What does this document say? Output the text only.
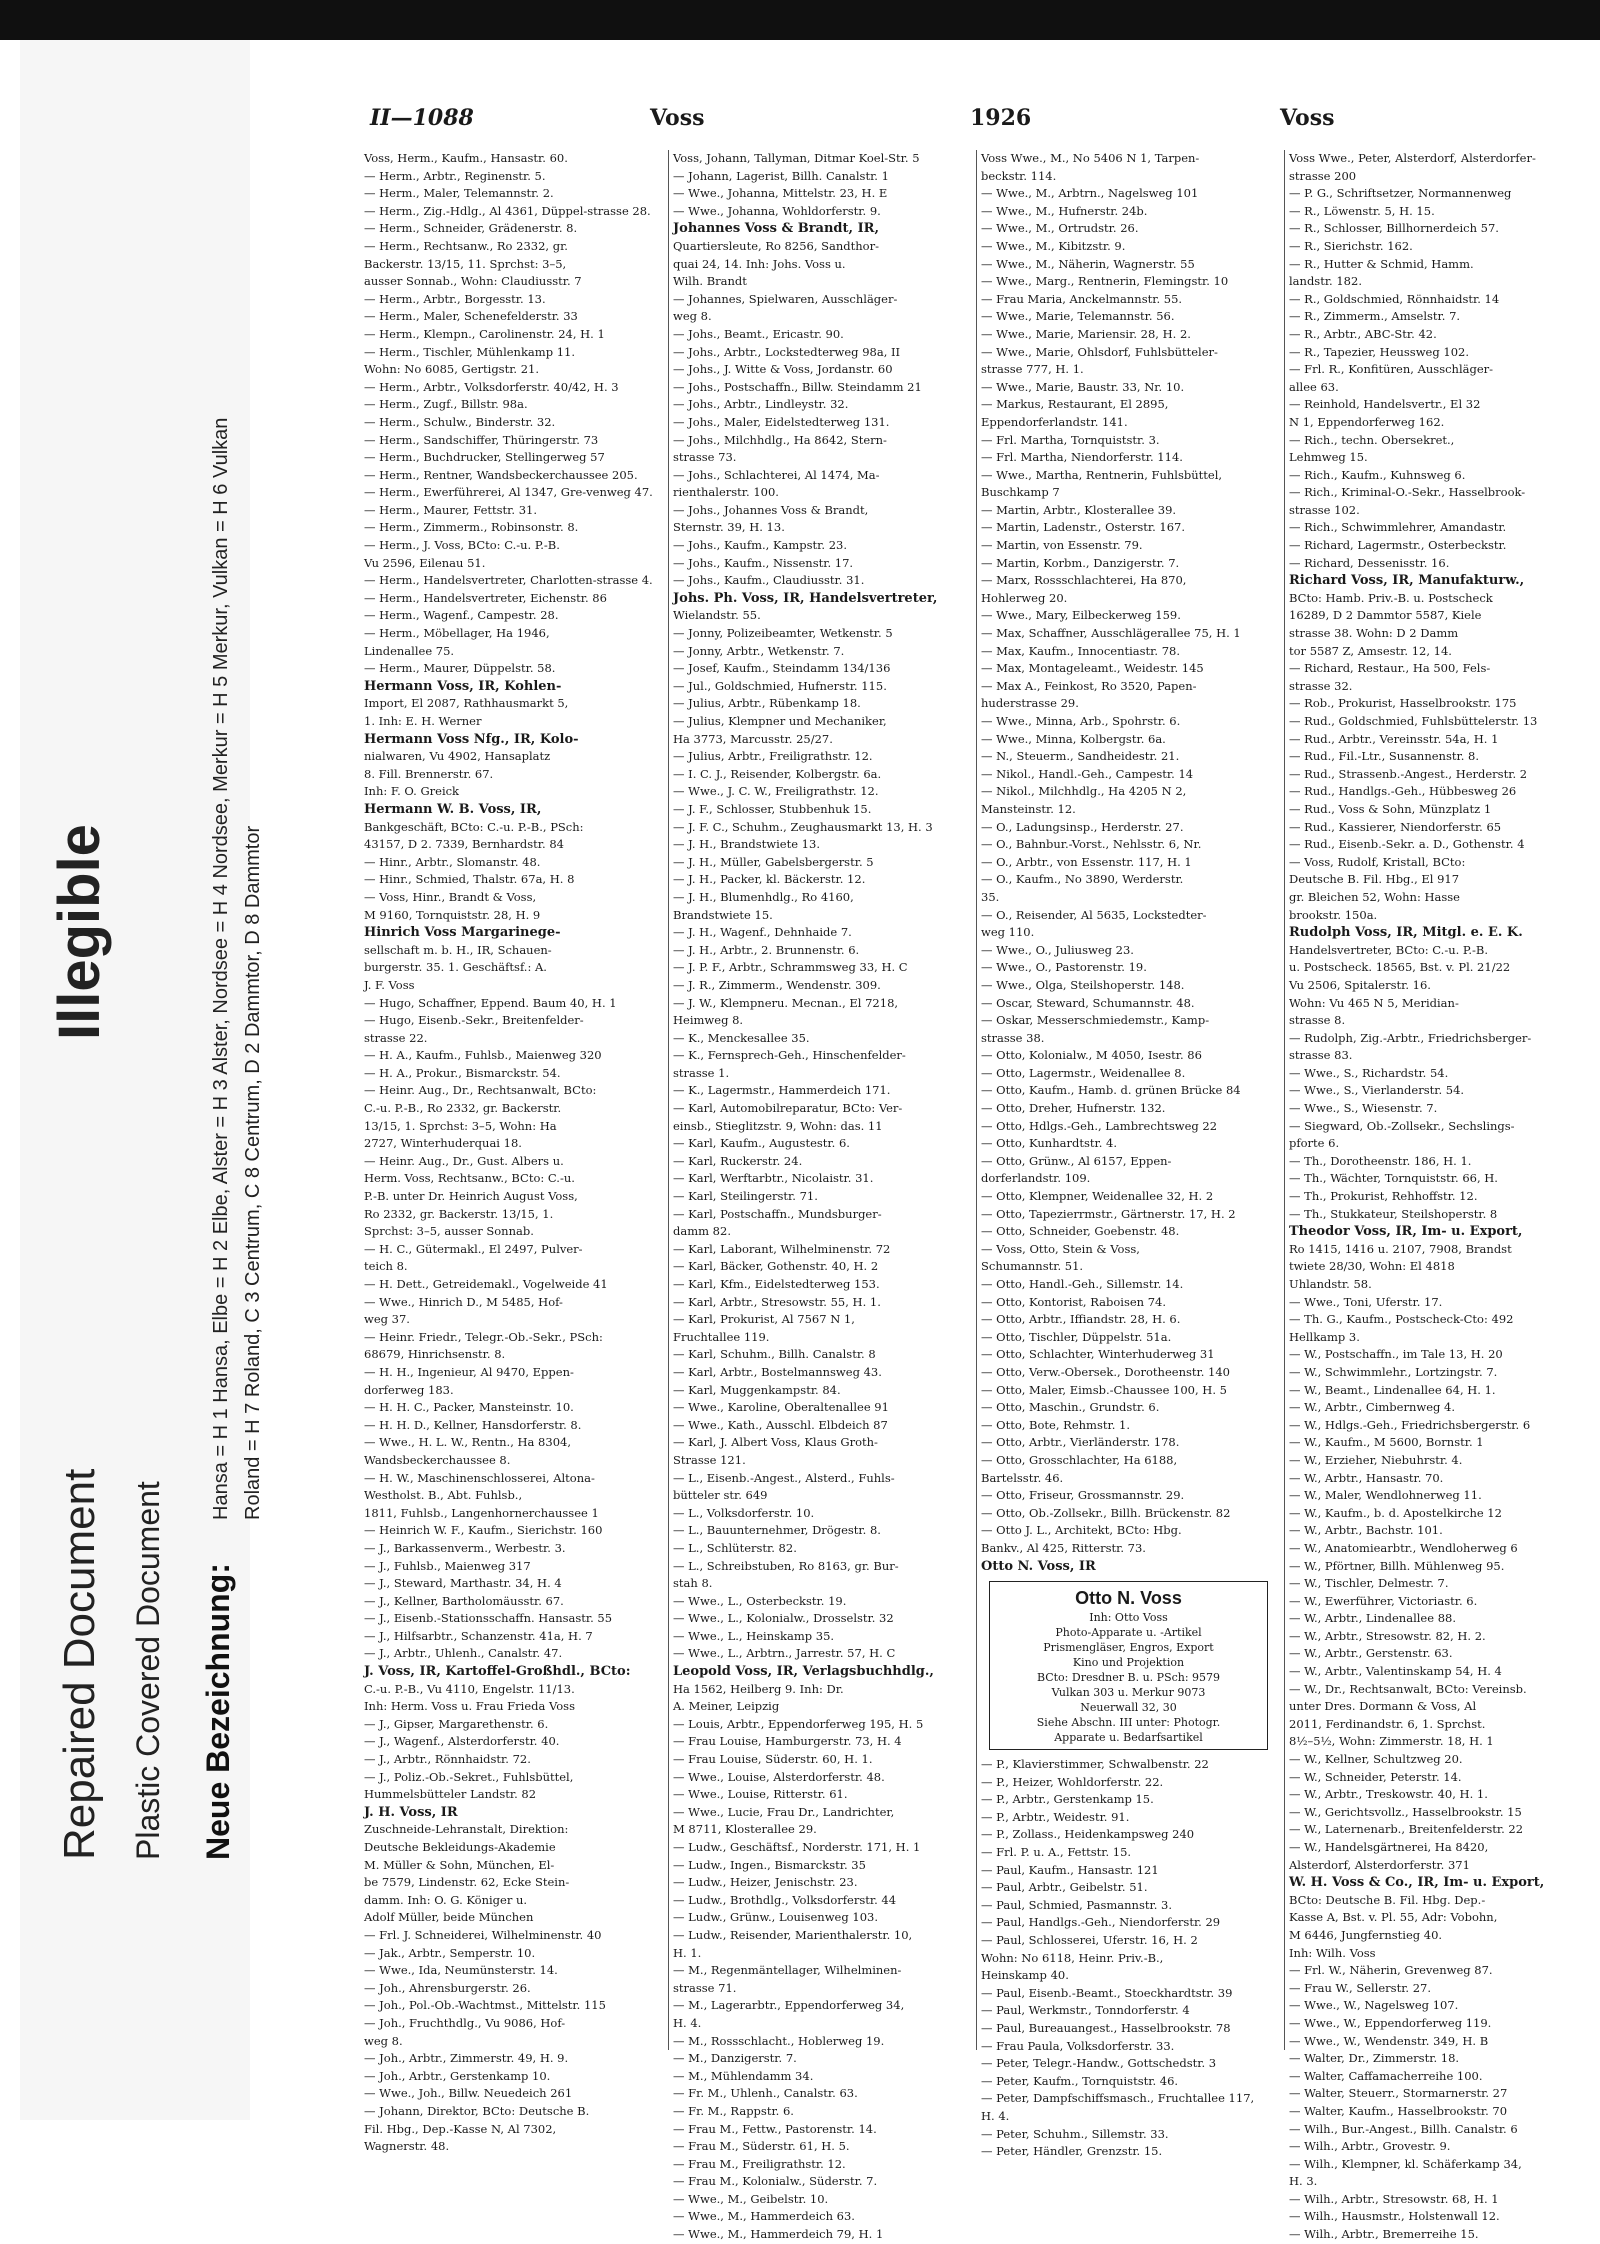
Repaired Document
Illegible
Plastic Covered Document Neue Bezeichnung:
Hansa = H 1 Hansa, Elbe = H 2 Elbe, Alster = H 3 Alster, Nordsee = H 4 Nordsee, Merkur = H 5 Merkur, Vulkan = H 6 Vulkan Roland = H 7 Roland, C 3 Centrum, C 8 Centrum, D 2 Dammtor, D 8 Dammtor
II—1088	Voss	1926	Voss
Voss, Herm., Kaufm., Hansastr. 60.
— Herm., Arbtr., Reginenstr. 5.
— Herm., Maler, Telemannstr. 2.
— Herm., Zig.-Hdlg., Al 4361, Düppel-strasse 28.
— Herm., Schneider, Grädenerstr. 8.
— Herm., Rechtsanw., Ro 2332, gr.
Backerstr. 13/15, 11. Sprchst: 3–5,
ausser Sonnab., Wohn: Claudiusstr. 7
— Herm., Arbtr., Borgesstr. 13.
— Herm., Maler, Schenefelderstr. 33
— Herm., Klempn., Carolinenstr. 24, H. 1
— Herm., Tischler, Mühlenkamp 11.
Wohn: No 6085, Gertigstr. 21.
— Herm., Arbtr., Volksdorferstr. 40/42, H. 3
— Herm., Zugf., Billstr. 98a.
— Herm., Schulw., Binderstr. 32.
— Herm., Sandschiffer, Thüringerstr. 73
— Herm., Buchdrucker, Stellingerweg 57
— Herm., Rentner, Wandsbeckerchaussee 205.
— Herm., Ewerführerei, Al 1347, Gre-venweg 47.
— Herm., Maurer, Fettstr. 31.
— Herm., Zimmerm., Robinsonstr. 8.
— Herm., J. Voss, BCto: C.-u. P.-B.
Vu 2596, Eilenau 51.
— Herm., Handelsvertreter, Charlotten-strasse 4.
— Herm., Handelsvertreter, Eichenstr. 86
— Herm., Wagenf., Campestr. 28.
— Herm., Möbellager, Ha 1946,
Lindenallee 75.
— Herm., Maurer, Düppelstr. 58.
Hermann Voss, IR, Kohlen-
Import, El 2087, Rathhausmarkt 5,
1. Inh: E. H. Werner
Hermann Voss Nfg., IR, Kolo-
nialwaren, Vu 4902, Hansaplatz
8. Fill. Brennerstr. 67.
Inh: F. O. Greick
Hermann W. B. Voss, IR,
Bankgeschäft, BCto: C.-u. P.-B., PSch:
43157, D 2. 7339, Bernhardstr. 84
— Hinr., Arbtr., Slomanstr. 48.
— Hinr., Schmied, Thalstr. 67a, H. 8
— Voss, Hinr., Brandt & Voss,
M 9160, Tornquiststr. 28, H. 9
Hinrich Voss Margarinege-
sellschaft m. b. H., IR, Schauen-
burgerstr. 35. 1. Geschäftsf.: A.
J. F. Voss
— Hugo, Schaffner, Eppend. Baum 40, H. 1
— Hugo, Eisenb.-Sekr., Breitenfelder-
strasse 22.
— H. A., Kaufm., Fuhlsb., Maienweg 320
— H. A., Prokur., Bismarckstr. 54.
— Heinr. Aug., Dr., Rechtsanwalt, BCto:
C.-u. P.-B., Ro 2332, gr. Backerstr.
13/15, 1. Sprchst: 3–5, Wohn: Ha
2727, Winterhuderquai 18.
— Heinr. Aug., Dr., Gust. Albers u.
Herm. Voss, Rechtsanw., BCto: C.-u.
P.-B. unter Dr. Heinrich August Voss,
Ro 2332, gr. Backerstr. 13/15, 1.
Sprchst: 3–5, ausser Sonnab.
— H. C., Gütermakl., El 2497, Pulver-
teich 8.
— H. Dett., Getreidemakl., Vogelweide 41
— Wwe., Hinrich D., M 5485, Hof-
weg 37.
— Heinr. Friedr., Telegr.-Ob.-Sekr., PSch:
68679, Hinrichsenstr. 8.
— H. H., Ingenieur, Al 9470, Eppen-
dorferweg 183.
— H. H. C., Packer, Mansteinstr. 10.
— H. H. D., Kellner, Hansdorferstr. 8.
— Wwe., H. L. W., Rentn., Ha 8304,
Wandsbeckerchaussee 8.
— H. W., Maschinenschlosserei, Altona-
Westholst. B., Abt. Fuhlsb.,
1811, Fuhlsb., Langenhornerchaussee 1
— Heinrich W. F., Kaufm., Sierichstr. 160
— J., Barkassenverm., Werbestr. 3.
— J., Fuhlsb., Maienweg 317
— J., Steward, Marthastr. 34, H. 4
— J., Kellner, Bartholomäusstr. 67.
— J., Eisenb.-Stationsschaffn. Hansastr. 55
— J., Hilfsarbtr., Schanzenstr. 41a, H. 7
— J., Arbtr., Uhlenh., Canalstr. 47.
J. Voss, IR, Kartoffel-Großhdl., BCto:
C.-u. P.-B., Vu 4110, Engelstr. 11/13.
Inh: Herm. Voss u. Frau Frieda Voss
— J., Gipser, Margarethenstr. 6.
— J., Wagenf., Alsterdorferstr. 40.
— J., Arbtr., Rönnhaidstr. 72.
— J., Poliz.-Ob.-Sekret., Fuhlsbüttel,
Hummelsbütteler Landstr. 82
J. H. Voss, IR
Zuschneide-Lehranstalt, Direktion:
Deutsche Bekleidungs-Akademie
M. Müller & Sohn, München, El-
be 7579, Lindenstr. 62, Ecke Stein-
damm. Inh: O. G. Königer u.
Adolf Müller, beide München
— Frl. J. Schneiderei, Wilhelminenstr. 40
— Jak., Arbtr., Semperstr. 10.
— Wwe., Ida, Neumünsterstr. 14.
— Joh., Ahrensburgerstr. 26.
— Joh., Pol.-Ob.-Wachtmst., Mittelstr. 115
— Joh., Fruchthdlg., Vu 9086, Hof-
weg 8.
— Joh., Arbtr., Zimmerstr. 49, H. 9.
— Joh., Arbtr., Gerstenkamp 10.
— Wwe., Joh., Billw. Neuedeich 261
— Johann, Direktor, BCto: Deutsche B.
Fil. Hbg., Dep.-Kasse N, Al 7302,
Wagnerstr. 48.
Voss, Johann, Tallyman, Ditmar Koel-Str. 5
— Johann, Lagerist, Billh. Canalstr. 1
— Wwe., Johanna, Mittelstr. 23, H. E
— Wwe., Johanna, Wohldorferstr. 9.
Johannes Voss & Brandt, IR,
Quartiersleute, Ro 8256, Sandthor-
quai 24, 14. Inh: Johs. Voss u.
Wilh. Brandt
— Johannes, Spielwaren, Ausschläger-
weg 8.
— Johs., Beamt., Ericastr. 90.
— Johs., Arbtr., Lockstedterweg 98a, II
— Johs., J. Witte & Voss, Jordanstr. 60
— Johs., Postschaffn., Billw. Steindamm 21
— Johs., Arbtr., Lindleystr. 32.
— Johs., Maler, Eidelstedterweg 131.
— Johs., Milchhdlg., Ha 8642, Stern-
strasse 73.
— Johs., Schlachterei, Al 1474, Ma-
rienthalerstr. 100.
— Johs., Johannes Voss & Brandt,
Sternstr. 39, H. 13.
— Johs., Kaufm., Kampstr. 23.
— Johs., Kaufm., Nissenstr. 17.
— Johs., Kaufm., Claudiusstr. 31.
Johs. Ph. Voss, IR, Handelsvertreter,
Wielandstr. 55.
— Jonny, Polizeibeamter, Wetkenstr. 5
— Jonny, Arbtr., Wetkenstr. 7.
— Josef, Kaufm., Steindamm 134/136
— Jul., Goldschmied, Hufnerstr. 115.
— Julius, Arbtr., Rübenkamp 18.
— Julius, Klempner und Mechaniker,
Ha 3773, Marcusstr. 25/27.
— Julius, Arbtr., Freiligrathstr. 12.
— I. C. J., Reisender, Kolbergstr. 6a.
— Wwe., J. C. W., Freiligrathstr. 12.
— J. F., Schlosser, Stubbenhuk 15.
— J. F. C., Schuhm., Zeughausmarkt 13, H. 3
— J. H., Brandstwiete 13.
— J. H., Müller, Gabelsbergerstr. 5
— J. H., Packer, kl. Bäckerstr. 12.
— J. H., Blumenhdlg., Ro 4160,
Brandstwiete 15.
— J. H., Wagenf., Dehnhaide 7.
— J. H., Arbtr., 2. Brunnenstr. 6.
— J. P. F., Arbtr., Schrammsweg 33, H. C
— J. R., Zimmerm., Wendenstr. 309.
— J. W., Klempneru. Mecnan., El 7218,
Heimweg 8.
— K., Menckesallee 35.
— K., Fernsprech-Geh., Hinschenfelder-
strasse 1.
— K., Lagermstr., Hammerdeich 171.
— Karl, Automobilreparatur, BCto: Ver-
einsb., Stieglitzstr. 9, Wohn: das. 11
— Karl, Kaufm., Augustestr. 6.
— Karl, Ruckerstr. 24.
— Karl, Werftarbtr., Nicolaistr. 31.
— Karl, Steilingerstr. 71.
— Karl, Postschaffn., Mundsburger-
damm 82.
— Karl, Laborant, Wilhelminenstr. 72
— Karl, Bäcker, Gothenstr. 40, H. 2
— Karl, Kfm., Eidelstedterweg 153.
— Karl, Arbtr., Stresowstr. 55, H. 1.
— Karl, Prokurist, Al 7567 N 1,
Fruchtallee 119.
— Karl, Schuhm., Billh. Canalstr. 8
— Karl, Arbtr., Bostelmannsweg 43.
— Karl, Muggenkampstr. 84.
— Wwe., Karoline, Oberaltenallee 91
— Wwe., Kath., Ausschl. Elbdeich 87
— Karl, J. Albert Voss, Klaus Groth-
Strasse 121.
— L., Eisenb.-Angest., Alsterd., Fuhls-
bütteler str. 649
— L., Volksdorferstr. 10.
— L., Bauunternehmer, Drögestr. 8.
— L., Schlüterstr. 82.
— L., Schreibstuben, Ro 8163, gr. Bur-
stah 8.
— Wwe., L., Osterbeckstr. 19.
— Wwe., L., Kolonialw., Drosselstr. 32
— Wwe., L., Heinskamp 35.
— Wwe., L., Arbtrn., Jarrestr. 57, H. C
Leopold Voss, IR, Verlagsbuchhdlg.,
Ha 1562, Heilberg 9. Inh: Dr.
A. Meiner, Leipzig
— Louis, Arbtr., Eppendorferweg 195, H. 5
— Frau Louise, Hamburgerstr. 73, H. 4
— Frau Louise, Süderstr. 60, H. 1.
— Wwe., Louise, Alsterdorferstr. 48.
— Wwe., Louise, Ritterstr. 61.
— Wwe., Lucie, Frau Dr., Landrichter,
M 8711, Klosterallee 29.
— Ludw., Geschäftsf., Norderstr. 171, H. 1
— Ludw., Ingen., Bismarckstr. 35
— Ludw., Heizer, Jenischstr. 23.
— Ludw., Brothdlg., Volksdorferstr. 44
— Ludw., Grünw., Louisenweg 103.
— Ludw., Reisender, Marienthalerstr. 10,
H. 1.
— M., Regenmäntellager, Wilhelminen-
strasse 71.
— M., Lagerarbtr., Eppendorferweg 34,
H. 4.
— M., Rossschlacht., Hoblerweg 19.
— M., Danzigerstr. 7.
— M., Mühlendamm 34.
— Fr. M., Uhlenh., Canalstr. 63.
— Fr. M., Rappstr. 6.
— Frau M., Fettw., Pastorenstr. 14.
— Frau M., Süderstr. 61, H. 5.
— Frau M., Freiligrathstr. 12.
— Frau M., Kolonialw., Süderstr. 7.
— Wwe., M., Geibelstr. 10.
— Wwe., M., Hammerdeich 63.
— Wwe., M., Hammerdeich 79, H. 1
Voss Wwe., M., No 5406 N 1, Tarpen-
beckstr. 114.
— Wwe., M., Arbtrn., Nagelsweg 101
— Wwe., M., Hufnerstr. 24b.
— Wwe., M., Ortrudstr. 26.
— Wwe., M., Kibitzstr. 9.
— Wwe., M., Näherin, Wagnerstr. 55
— Wwe., Marg., Rentnerin, Flemingstr. 10
— Frau Maria, Anckelmannstr. 55.
— Wwe., Marie, Telemannstr. 56.
— Wwe., Marie, Mariensir. 28, H. 2.
— Wwe., Marie, Ohlsdorf, Fuhlsbütteler-
strasse 777, H. 1.
— Wwe., Marie, Baustr. 33, Nr. 10.
— Markus, Restaurant, El 2895,
Eppendorferlandstr. 141.
— Frl. Martha, Tornquiststr. 3.
— Frl. Martha, Niendorferstr. 114.
— Wwe., Martha, Rentnerin, Fuhlsbüttel,
Buschkamp 7
— Martin, Arbtr., Klosterallee 39.
— Martin, Ladenstr., Osterstr. 167.
— Martin, von Essenstr. 79.
— Martin, Korbm., Danzigerstr. 7.
— Marx, Rossschlachterei, Ha 870,
Hohlerweg 20.
— Wwe., Mary, Eilbeckerweg 159.
— Max, Schaffner, Ausschlägerallee 75, H. 1
— Max, Kaufm., Innocentiastr. 78.
— Max, Montageleamt., Weidestr. 145
— Max A., Feinkost, Ro 3520, Papen-
huderstrasse 29.
— Wwe., Minna, Arb., Spohrstr. 6.
— Wwe., Minna, Kolbergstr. 6a.
— N., Steuerm., Sandheidestr. 21.
— Nikol., Handl.-Geh., Campestr. 14
— Nikol., Milchhdlg., Ha 4205 N 2,
Mansteinstr. 12.
— O., Ladungsinsp., Herderstr. 27.
— O., Bahnbur.-Vorst., Nehlsstr. 6, Nr.
— O., Arbtr., von Essenstr. 117, H. 1
— O., Kaufm., No 3890, Werderstr.
35.
— O., Reisender, Al 5635, Lockstedter-
weg 110.
— Wwe., O., Juliusweg 23.
— Wwe., O., Pastorenstr. 19.
— Wwe., Olga, Steilshoperstr. 148.
— Oscar, Steward, Schumannstr. 48.
— Oskar, Messerschmiedemstr., Kamp-
strasse 38.
— Otto, Kolonialw., M 4050, Isestr. 86
— Otto, Lagermstr., Weidenallee 8.
— Otto, Kaufm., Hamb. d. grünen Brücke 84
— Otto, Dreher, Hufnerstr. 132.
— Otto, Hdlgs.-Geh., Lambrechtsweg 22
— Otto, Kunhardtstr. 4.
— Otto, Grünw., Al 6157, Eppen-
dorferlandstr. 109.
— Otto, Klempner, Weidenallee 32, H. 2
— Otto, Tapezierrmstr., Gärtnerstr. 17, H. 2
— Otto, Schneider, Goebenstr. 48.
— Voss, Otto, Stein & Voss,
Schumannstr. 51.
— Otto, Handl.-Geh., Sillemstr. 14.
— Otto, Kontorist, Raboisen 74.
— Otto, Arbtr., Iffiandstr. 28, H. 6.
— Otto, Tischler, Düppelstr. 51a.
— Otto, Schlachter, Winterhuderweg 31
— Otto, Verw.-Obersek., Dorotheenstr. 140
— Otto, Maler, Eimsb.-Chaussee 100, H. 5
— Otto, Maschin., Grundstr. 6.
— Otto, Bote, Rehmstr. 1.
— Otto, Arbtr., Vierländerstr. 178.
— Otto, Grosschlachter, Ha 6188,
Bartelsstr. 46.
— Otto, Friseur, Grossmannstr. 29.
— Otto, Ob.-Zollsekr., Billh. Brückenstr. 82
— Otto J. L., Architekt, BCto: Hbg.
Bankv., Al 425, Ritterstr. 73.
Otto N. Voss, IR
Otto N. Voss
Inh: Otto Voss
Photo-Apparate u. -Artikel
Prismengläser, Engros, Export
Kino und Projektion
BCto: Dresdner B. u. PSch: 9579
Vulkan 303 u. Merkur 9073
Neuerwall 32, 30
Siehe Abschn. III unter: Photogr.
Apparate u. Bedarfsartikel
— P., Klavierstimmer, Schwalbenstr. 22
— P., Heizer, Wohldorferstr. 22.
— P., Arbtr., Gerstenkamp 15.
— P., Arbtr., Weidestr. 91.
— P., Zollass., Heidenkampsweg 240
— Frl. P. u. A., Fettstr. 15.
— Paul, Kaufm., Hansastr. 121
— Paul, Arbtr., Geibelstr. 51.
— Paul, Schmied, Pasmannstr. 3.
— Paul, Handlgs.-Geh., Niendorferstr. 29
— Paul, Schlosserei, Uferstr. 16, H. 2
Wohn: No 6118, Heinr. Priv.-B.,
Heinskamp 40.
— Paul, Eisenb.-Beamt., Stoeckhardtstr. 39
— Paul, Werkmstr., Tonndorferstr. 4
— Paul, Bureauangest., Hasselbrookstr. 78
— Frau Paula, Volksdorferstr. 33.
— Peter, Telegr.-Handw., Gottschedstr. 3
— Peter, Kaufm., Tornquiststr. 46.
— Peter, Dampfschiffsmasch., Fruchtallee 117,
H. 4.
— Peter, Schuhm., Sillemstr. 33.
— Peter, Händler, Grenzstr. 15.
Voss Wwe., Peter, Alsterdorf, Alsterdorfer-
strasse 200
— P. G., Schriftsetzer, Normannenweg
— R., Löwenstr. 5, H. 15.
— R., Schlosser, Billhornerdeich 57.
— R., Sierichstr. 162.
— R., Hutter & Schmid, Hamm.
landstr. 182.
— R., Goldschmied, Rönnhaidstr. 14
— R., Zimmerm., Amselstr. 7.
— R., Arbtr., ABC-Str. 42.
— R., Tapezier, Heussweg 102.
— Frl. R., Konfitüren, Ausschläger-
allee 63.
— Reinhold, Handelsvertr., El 32
N 1, Eppendorferweg 162.
— Rich., techn. Obersekret.,
Lehmweg 15.
— Rich., Kaufm., Kuhnsweg 6.
— Rich., Kriminal-O.-Sekr., Hasselbrook-
strasse 102.
— Rich., Schwimmlehrer, Amandastr.
— Richard, Lagermstr., Osterbeckstr.
— Richard, Dessenisstr. 16.
Richard Voss, IR, Manufakturw.,
BCto: Hamb. Priv.-B. u. Postscheck
16289, D 2 Dammtor 5587, Kiele
strasse 38. Wohn: D 2 Damm
tor 5587 Z, Amsestr. 12, 14.
— Richard, Restaur., Ha 500, Fels-
strasse 32.
— Rob., Prokurist, Hasselbrookstr. 175
— Rud., Goldschmied, Fuhlsbüttelerstr. 13
— Rud., Arbtr., Vereinsstr. 54a, H. 1
— Rud., Fil.-Ltr., Susannenstr. 8.
— Rud., Strassenb.-Angest., Herderstr. 2
— Rud., Handlgs.-Geh., Hübbesweg 26
— Rud., Voss & Sohn, Münzplatz 1
— Rud., Kassierer, Niendorferstr. 65
— Rud., Eisenb.-Sekr. a. D., Gothenstr. 4
— Voss, Rudolf, Kristall, BCto:
Deutsche B. Fil. Hbg., El 917
gr. Bleichen 52, Wohn: Hasse
brookstr. 150a.
Rudolph Voss, IR, Mitgl. e. E. K.
Handelsvertreter, BCto: C.-u. P.-B.
u. Postscheck. 18565, Bst. v. Pl. 21/22
Vu 2506, Spitalerstr. 16.
Wohn: Vu 465 N 5, Meridian-
strasse 8.
— Rudolph, Zig.-Arbtr., Friedrichsberger-
strasse 83.
— Wwe., S., Richardstr. 54.
— Wwe., S., Vierlanderstr. 54.
— Wwe., S., Wiesenstr. 7.
— Siegward, Ob.-Zollsekr., Sechslings-
pforte 6.
— Th., Dorotheenstr. 186, H. 1.
— Th., Wächter, Tornquiststr. 66, H.
— Th., Prokurist, Rehhoffstr. 12.
— Th., Stukkateur, Steilshoperstr. 8
Theodor Voss, IR, Im- u. Export,
Ro 1415, 1416 u. 2107, 7908, Brandst
twiete 28/30, Wohn: El 4818
Uhlandstr. 58.
— Wwe., Toni, Uferstr. 17.
— Th. G., Kaufm., Postscheck-Cto: 492
Hellkamp 3.
— W., Postschaffn., im Tale 13, H. 20
— W., Schwimmlehr., Lortzingstr. 7.
— W., Beamt., Lindenallee 64, H. 1.
— W., Arbtr., Cimbernweg 4.
— W., Hdlgs.-Geh., Friedrichsbergerstr. 6
— W., Kaufm., M 5600, Bornstr. 1
— W., Erzieher, Niebuhrstr. 4.
— W., Arbtr., Hansastr. 70.
— W., Maler, Wendlohnerweg 11.
— W., Kaufm., b. d. Apostelkirche 12
— W., Arbtr., Bachstr. 101.
— W., Anatomiearbtr., Wendloherweg 6
— W., Pförtner, Billh. Mühlenweg 95.
— W., Tischler, Delmestr. 7.
— W., Ewerführer, Victoriastr. 6.
— W., Arbtr., Lindenallee 88.
— W., Arbtr., Stresowstr. 82, H. 2.
— W., Arbtr., Gerstenstr. 63.
— W., Arbtr., Valentinskamp 54, H. 4
— W., Dr., Rechtsanwalt, BCto: Vereinsb.
unter Dres. Dormann & Voss, Al
2011, Ferdinandstr. 6, 1. Sprchst.
8½–5½, Wohn: Zimmerstr. 18, H. 1
— W., Kellner, Schultzweg 20.
— W., Schneider, Peterstr. 14.
— W., Arbtr., Treskowstr. 40, H. 1.
— W., Gerichtsvollz., Hasselbrookstr. 15
— W., Laternenarb., Breitenfelderstr. 22
— W., Handelsgärtnerei, Ha 8420,
Alsterdorf, Alsterdorferstr. 371
W. H. Voss & Co., IR, Im- u. Export,
BCto: Deutsche B. Fil. Hbg. Dep.-
Kasse A, Bst. v. Pl. 55, Adr: Vobohn,
M 6446, Jungfernstieg 40.
Inh: Wilh. Voss
— Frl. W., Näherin, Grevenweg 87.
— Frau W., Sellerstr. 27.
— Wwe., W., Nagelsweg 107.
— Wwe., W., Eppendorferweg 119.
— Wwe., W., Wendenstr. 349, H. B
— Walter, Dr., Zimmerstr. 18.
— Walter, Caffamacherreihe 100.
— Walter, Steuerr., Stormarnerstr. 27
— Walter, Kaufm., Hasselbrookstr. 70
— Wilh., Bur.-Angest., Billh. Canalstr. 6
— Wilh., Arbtr., Grovestr. 9.
— Wilh., Klempner, kl. Schäferkamp 34,
H. 3.
— Wilh., Arbtr., Stresowstr. 68, H. 1
— Wilh., Hausmstr., Holstenwall 12.
— Wilh., Arbtr., Bremerreihe 15.
